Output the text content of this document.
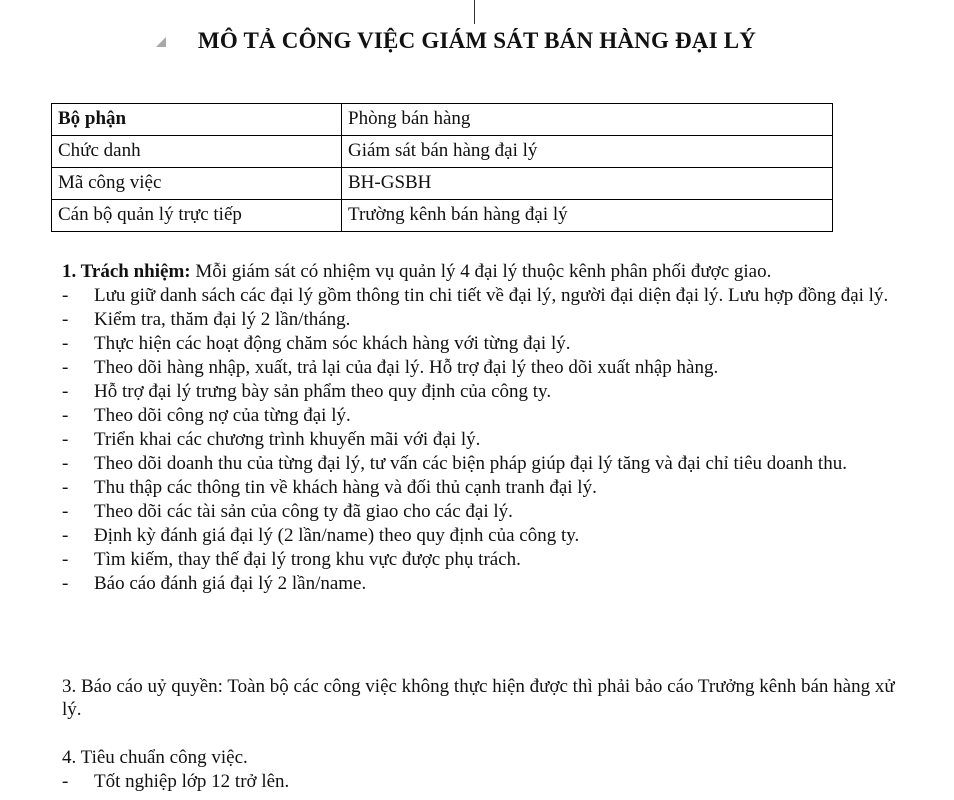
MÔ TẢ CÔNG VIỆC GIÁM SÁT BÁN HÀNG ĐẠI LÝ
Bộ phận	Phòng bán hàng
Chức danh	Giám sát bán hàng đại lý
Mã công việc	BH-GSBH
Cán bộ quản lý trực tiếp	Trường kênh bán hàng đại lý
1. Trách nhiệm: Mỗi giám sát có nhiệm vụ quản lý 4 đại lý thuộc kênh phân phối được giao.
-	Lưu giữ danh sách các đại lý gồm thông tin chi tiết về đại lý, người đại diện đại lý. Lưu hợp đồng đại lý.
-	Kiểm tra, thăm đại lý 2 lần/tháng.
-	Thực hiện các hoạt động chăm sóc khách hàng với từng đại lý.
-	Theo dõi hàng nhập, xuất, trả lại của đại lý. Hỗ trợ đại lý theo dõi xuất nhập hàng.
-	Hỗ trợ đại lý trưng bày sản phẩm theo quy định của công ty.
-	Theo dõi công nợ của từng đại lý.
-	Triển khai các chương trình khuyến mãi với đại lý.
-	Theo dõi doanh thu của từng đại lý, tư vấn các biện pháp giúp đại lý tăng và đại chỉ tiêu doanh thu.
-	Thu thập các thông tin về khách hàng và đối thủ cạnh tranh đại lý.
-	Theo dõi các tài sản của công ty đã giao cho các đại lý.
-	Định kỳ đánh giá đại lý (2 lần/name) theo quy định của công ty.
-	Tìm kiếm, thay thế đại lý trong khu vực được phụ trách.
-	Báo cáo đánh giá đại lý 2 lần/name.
3. Báo cáo uỷ quyền: Toàn bộ các công việc không thực hiện được thì phải bảo cáo Trưởng kênh bán hàng xử lý.
4. Tiêu chuẩn công việc.
-	Tốt nghiệp lớp 12 trở lên.
